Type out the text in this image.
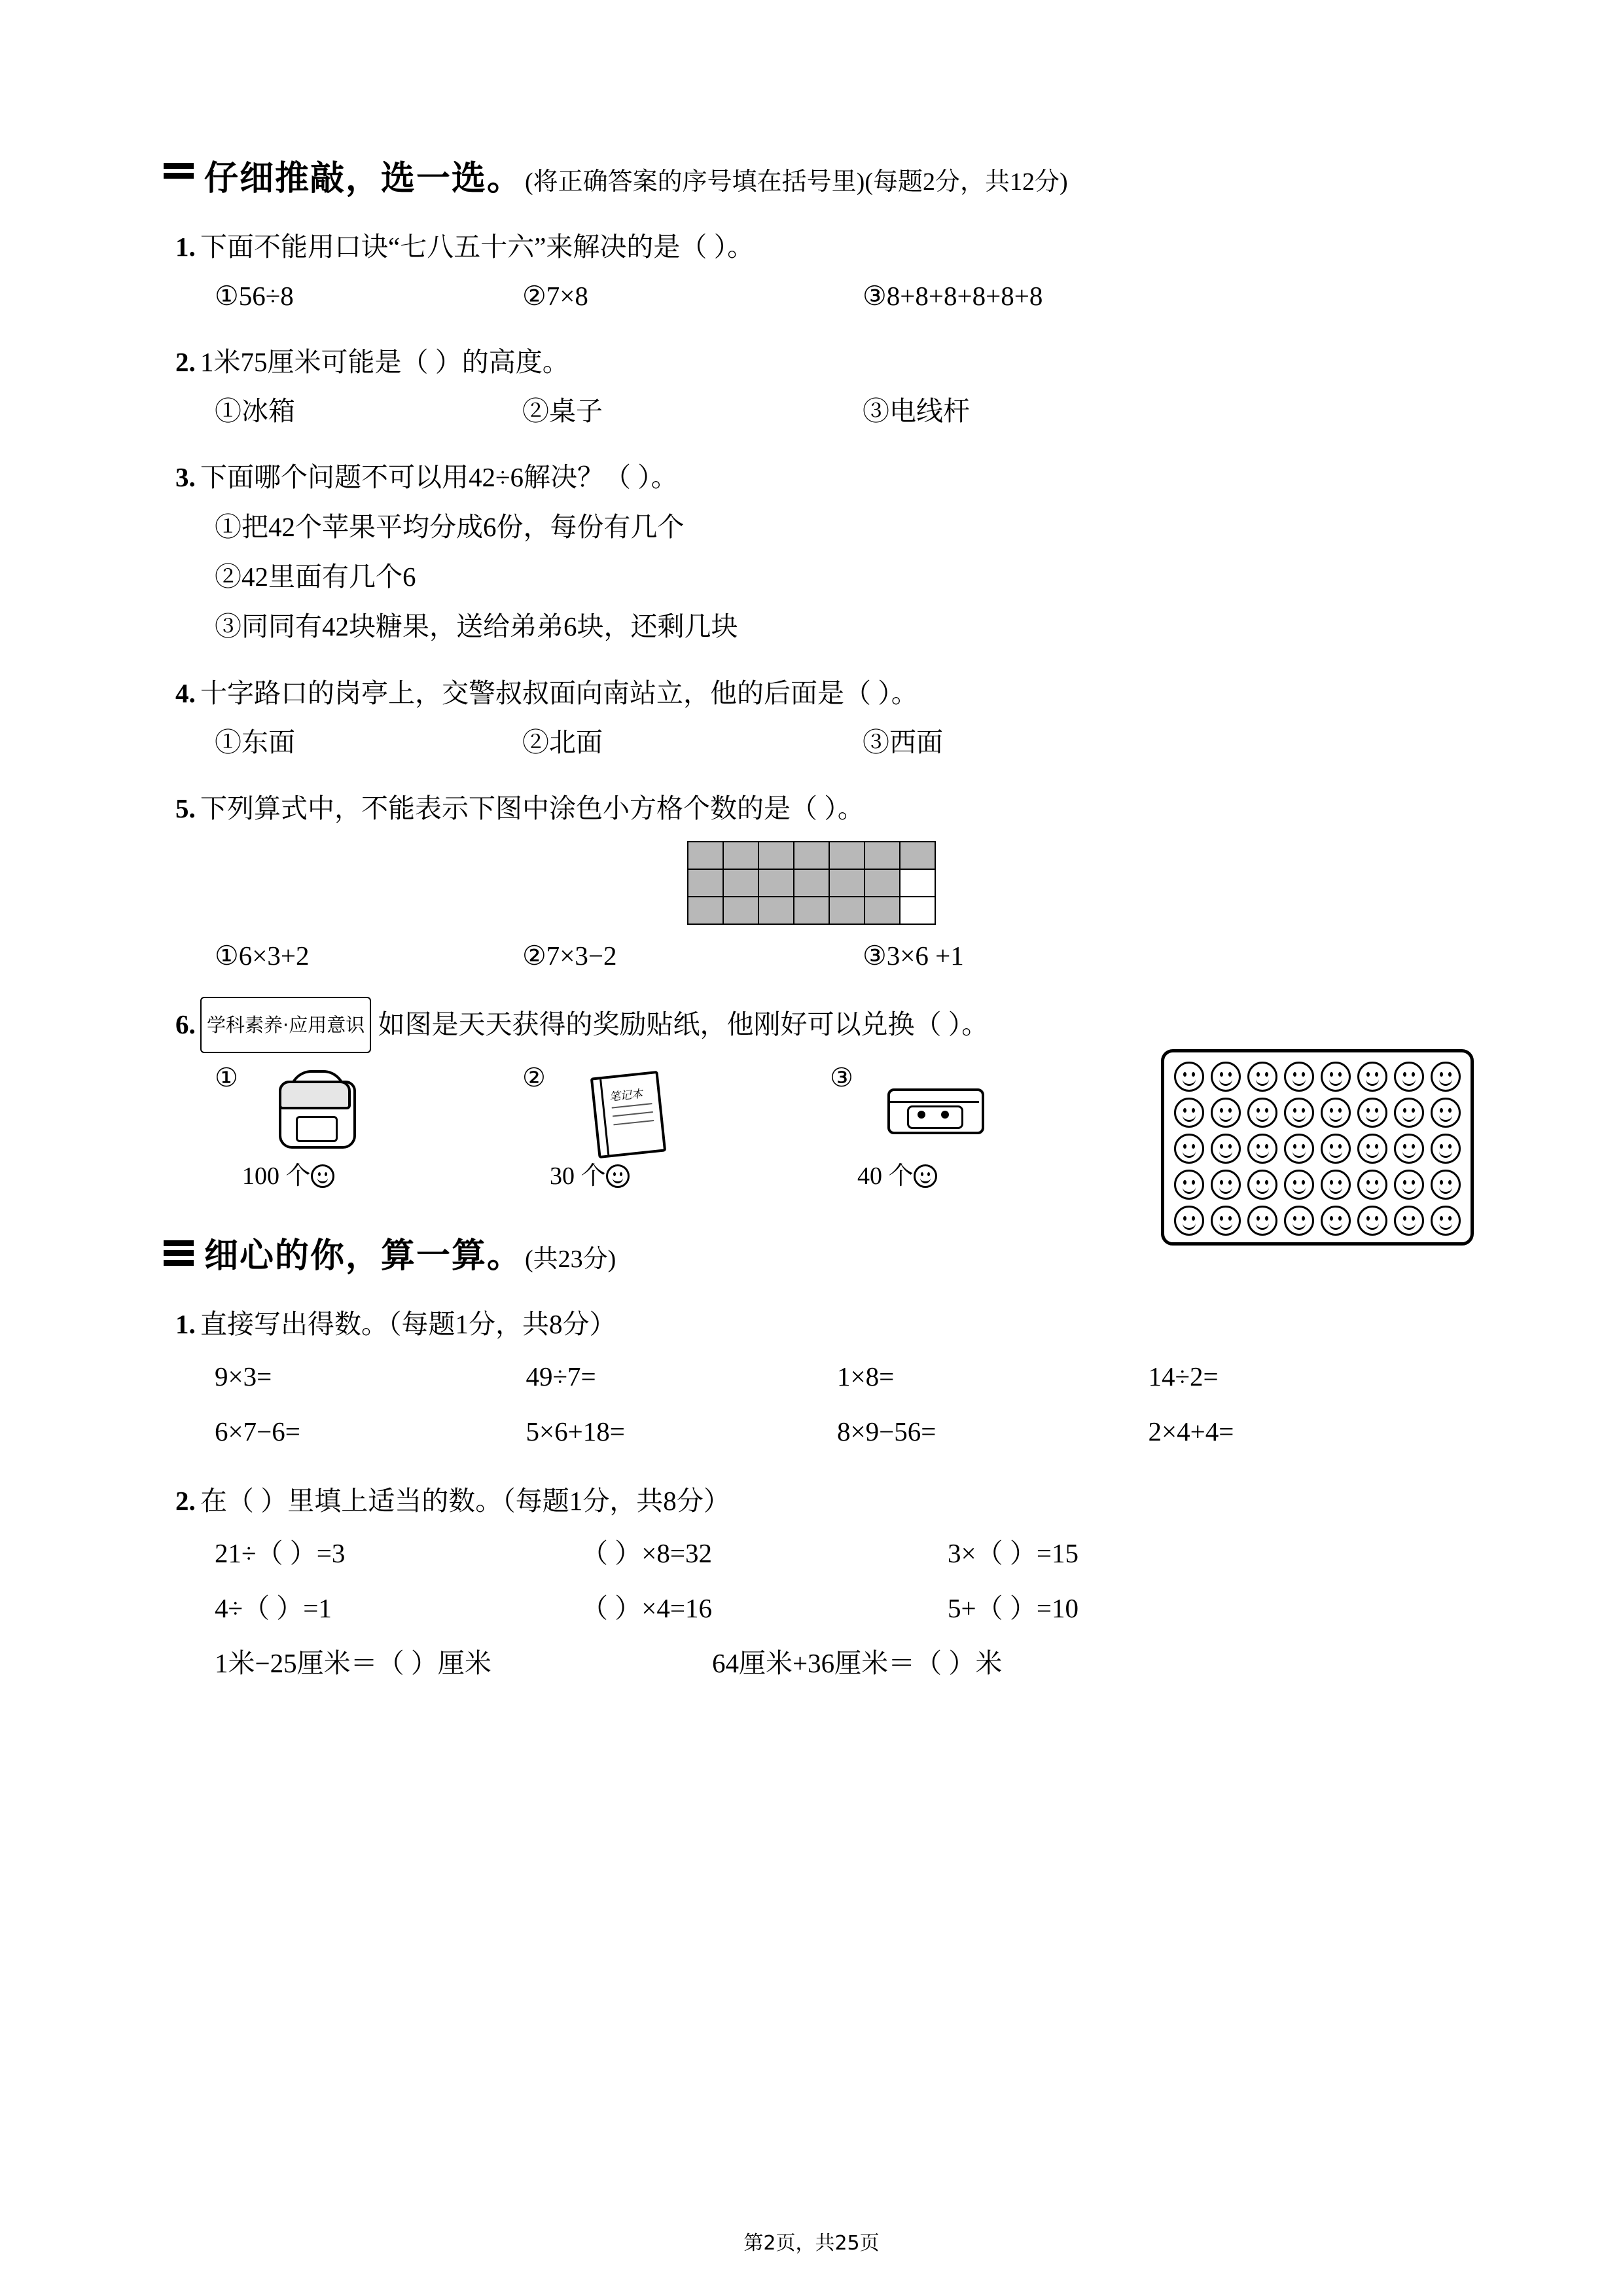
仔细推敲，选一选。 (将正确答案的序号填在括号里)(每题2分，共12分)
1. 下面不能用口诀“七八五十六”来解决的是（ ）。
①56÷8	②7×8	③8+8+8+8+8+8
2. 1米75厘米可能是（ ）的高度。
①冰箱	②桌子	③电线杆
3. 下面哪个问题不可以用42÷6解决？（ ）。
①把42个苹果平均分成6份，每份有几个
②42里面有几个6
③同同有42块糖果，送给弟弟6块，还剩几块
4. 十字路口的岗亭上，交警叔叔面向南站立，他的后面是（ ）。
①东面	②北面	③西面
5. 下列算式中，不能表示下图中涂色小方格个数的是（ ）。

①6×3+2	②7×3−2	③3×6 +1
6. 学科素养·应用意识 如图是天天获得的奖励贴纸，他刚好可以兑换（ ）。
①
100 个
②
笔记本
30 个
③
40 个
细心的你，算一算。 (共23分)
1. 直接写出得数。（每题1分，共8分）
9×3=	49÷7=	1×8=	14÷2=
6×7−6=	5×6+18=	8×9−56=	2×4+4=
2. 在（ ）里填上适当的数。（每题1分，共8分）
21÷（ ）=3	（ ）×8=32	3×（ ）=15
4÷（ ）=1	（ ）×4=16	5+（ ）=10
1米−25厘米＝（ ）厘米	64厘米+36厘米＝（ ）米
第2页，共25页
